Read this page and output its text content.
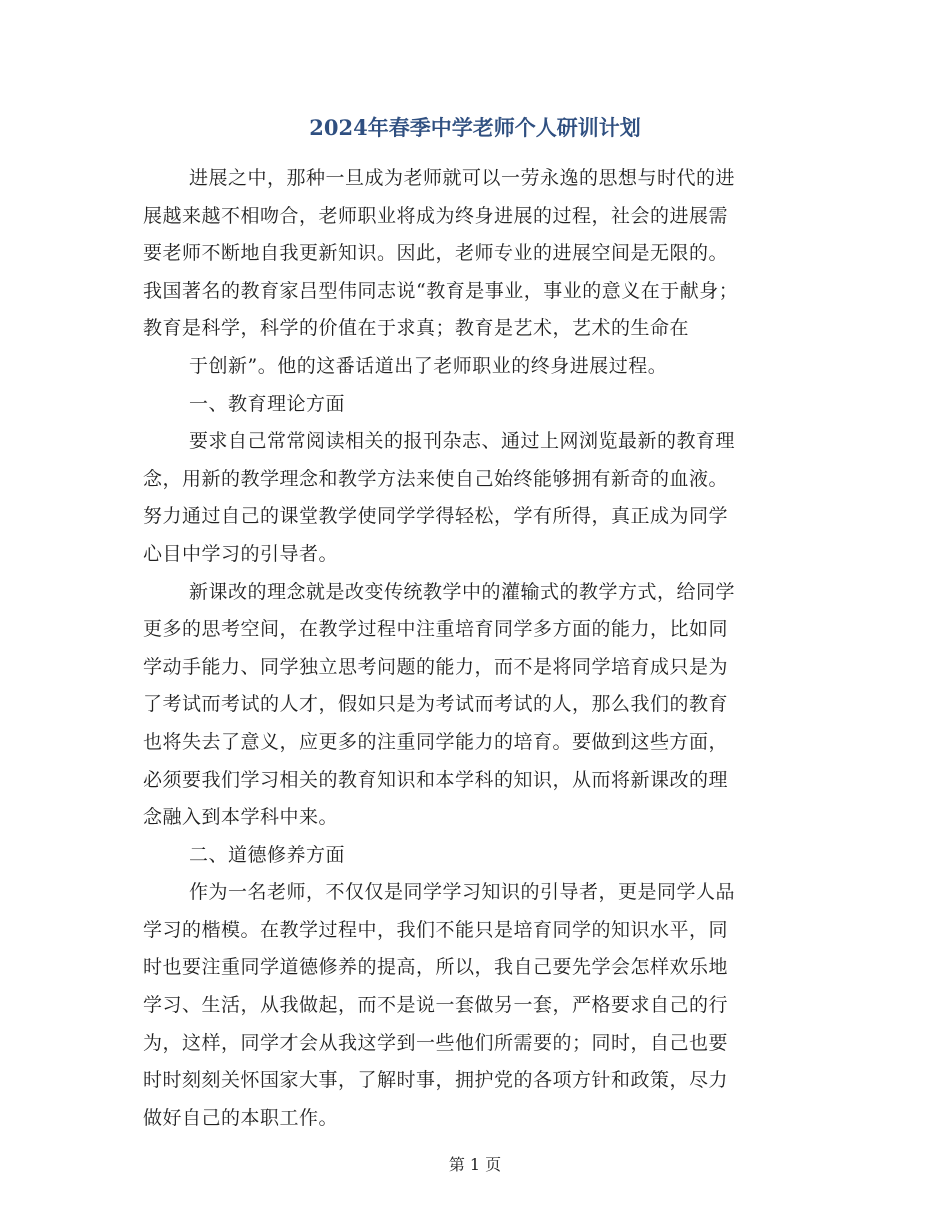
2024年春季中学老师个人研训计划
进展之中，那种一旦成为老师就可以一劳永逸的思想与时代的进
展越来越不相吻合，老师职业将成为终身进展的过程，社会的进展需
要老师不断地自我更新知识。因此，老师专业的进展空间是无限的。
我国著名的教育家吕型伟同志说“教育是事业，事业的意义在于献身；
教育是科学，科学的价值在于求真；教育是艺术，艺术的生命在
于创新”。他的这番话道出了老师职业的终身进展过程。
一、教育理论方面
要求自己常常阅读相关的报刊杂志、通过上网浏览最新的教育理
念，用新的教学理念和教学方法来使自己始终能够拥有新奇的血液。
努力通过自己的课堂教学使同学学得轻松，学有所得，真正成为同学
心目中学习的引导者。
新课改的理念就是改变传统教学中的灌输式的教学方式，给同学
更多的思考空间，在教学过程中注重培育同学多方面的能力，比如同
学动手能力、同学独立思考问题的能力，而不是将同学培育成只是为
了考试而考试的人才，假如只是为考试而考试的人，那么我们的教育
也将失去了意义，应更多的注重同学能力的培育。要做到这些方面，
必须要我们学习相关的教育知识和本学科的知识，从而将新课改的理
念融入到本学科中来。
二、道德修养方面
作为一名老师，不仅仅是同学学习知识的引导者，更是同学人品
学习的楷模。在教学过程中，我们不能只是培育同学的知识水平，同
时也要注重同学道德修养的提高，所以，我自己要先学会怎样欢乐地
学习、生活，从我做起，而不是说一套做另一套，严格要求自己的行
为，这样，同学才会从我这学到一些他们所需要的；同时，自己也要
时时刻刻关怀国家大事，了解时事，拥护党的各项方针和政策，尽力
做好自己的本职工作。
第 1 页
